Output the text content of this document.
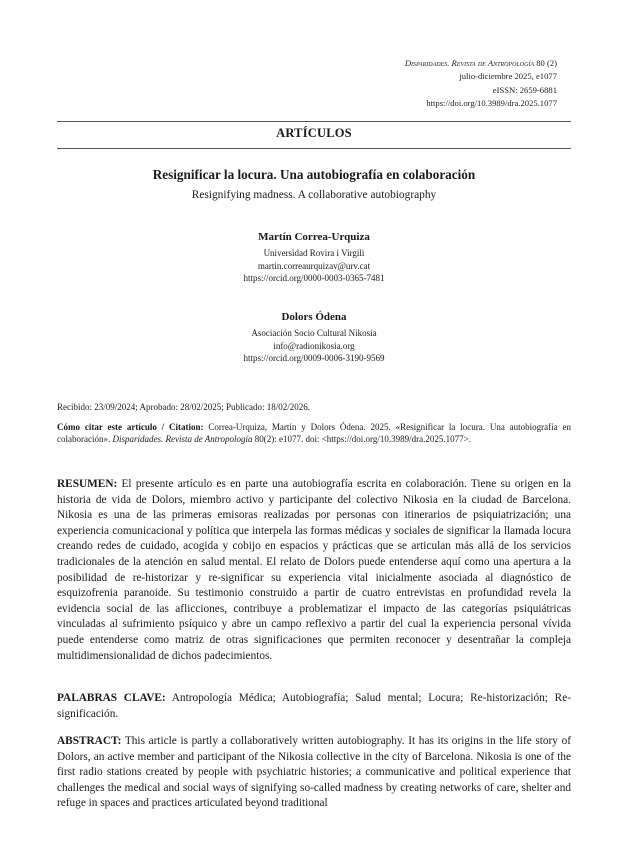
Disparidades. Revista de Antropología 80 (2)
julio-diciembre 2025, e1077
eISSN: 2659-6881
https://doi.org/10.3989/dra.2025.1077
ARTÍCULOS
Resignificar la locura. Una autobiografía en colaboración
Resignifying madness. A collaborative autobiography
Martín Correa-Urquiza
Universidad Rovira i Virgili
martin.correaurquizav@urv.cat
https://orcid.org/0000-0003-0365-7481
Dolors Ódena
Asociación Socio Cultural Nikosia
info@radionikosia.org
https://orcid.org/0009-0006-3190-9569
Recibido: 23/09/2024; Aprobado: 28/02/2025; Publicado: 18/02/2026.
Cómo citar este artículo / Citation: Correa-Urquiza, Martín y Dolors Ódena. 2025. «Resignificar la locura. Una autobiografía en colaboración». Disparidades. Revista de Antropología 80(2): e1077. doi: <https://doi.org/10.3989/dra.2025.1077>.
RESUMEN: El presente artículo es en parte una autobiografía escrita en colaboración. Tiene su origen en la historia de vida de Dolors, miembro activo y participante del colectivo Nikosia en la ciudad de Barcelona. Nikosia es una de las primeras emisoras realizadas por personas con itinerarios de psiquiatrización; una experiencia comunicacional y política que interpela las formas médicas y sociales de significar la llamada locura creando redes de cuidado, acogida y cobijo en espacios y prácticas que se articulan más allá de los servicios tradicionales de la atención en salud mental. El relato de Dolors puede entenderse aquí como una apertura a la posibilidad de re-historizar y re-significar su experiencia vital inicialmente asociada al diagnóstico de esquizofrenia paranoide. Su testimonio construido a partir de cuatro entrevistas en profundidad revela la evidencia social de las aflicciones, contribuye a problematizar el impacto de las categorías psiquiátricas vinculadas al sufrimiento psíquico y abre un campo reflexivo a partir del cual la experiencia personal vívida puede entenderse como matriz de otras significaciones que permiten reconocer y desentrañar la compleja multidimensionalidad de dichos padecimientos.
PALABRAS CLAVE: Antropología Médica; Autobiografía; Salud mental; Locura; Re-historización; Re-significación.
ABSTRACT: This article is partly a collaboratively written autobiography. It has its origins in the life story of Dolors, an active member and participant of the Nikosia collective in the city of Barcelona. Nikosia is one of the first radio stations created by people with psychiatric histories; a communicative and political experience that challenges the medical and social ways of signifying so-called madness by creating networks of care, shelter and refuge in spaces and practices articulated beyond traditional
